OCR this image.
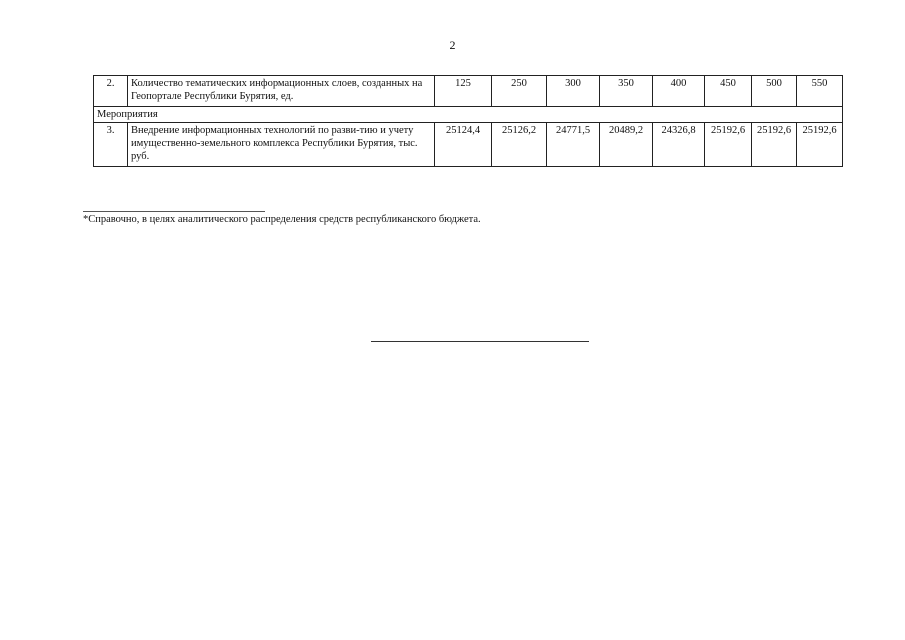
2
2.	Количество тематических информационных слоев, созданных на Геопортале Республики Бурятия, ед.	125	250	300	350	400	450	500	550
Мероприятия									
3.	Внедрение информационных технологий по разви-тию и учету имущественно-земельного комплекса Республики Бурятия, тыс. руб.	25124,4	25126,2	24771,5	20489,2	24326,8	25192,6	25192,6	25192,6
*Справочно, в целях аналитического распределения средств республиканского бюджета.
